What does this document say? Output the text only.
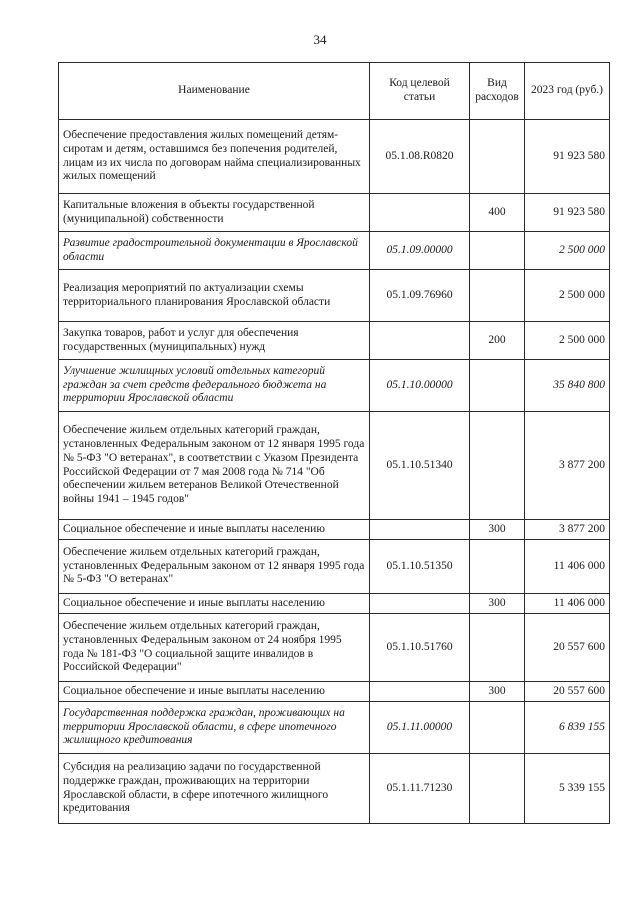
34
Наименование	Код целевой статьи	Вид расходов	2023 год (руб.)
Обеспечение предоставления жилых помещений детям-сиротам и детям, оставшимся без попечения родителей, лицам из их числа по договорам найма специализированных жилых помещений	05.1.08.R0820		91 923 580
Капитальные вложения в объекты государственной (муниципальной) собственности		400	91 923 580
Развитие градостроительной документации в Ярославской области	05.1.09.00000		2 500 000
Реализация мероприятий по актуализации схемы территориального планирования Ярославской области	05.1.09.76960		2 500 000
Закупка товаров, работ и услуг для обеспечения государственных (муниципальных) нужд		200	2 500 000
Улучшение жилищных условий отдельных категорий граждан за счет средств федерального бюджета на территории Ярославской области	05.1.10.00000		35 840 800
Обеспечение жильем отдельных категорий граждан, установленных Федеральным законом от 12 января 1995 года № 5-ФЗ "О ветеранах", в соответствии с Указом Президента Российской Федерации от 7 мая 2008 года № 714 "Об обеспечении жильем ветеранов Великой Отечественной войны 1941 – 1945 годов"	05.1.10.51340		3 877 200
Социальное обеспечение и иные выплаты населению		300	3 877 200
Обеспечение жильем отдельных категорий граждан, установленных Федеральным законом от 12 января 1995 года № 5-ФЗ "О ветеранах"	05.1.10.51350		11 406 000
Социальное обеспечение и иные выплаты населению		300	11 406 000
Обеспечение жильем отдельных категорий граждан, установленных Федеральным законом от 24 ноября 1995 года № 181-ФЗ "О социальной защите инвалидов в Российской Федерации"	05.1.10.51760		20 557 600
Социальное обеспечение и иные выплаты населению		300	20 557 600
Государственная поддержка граждан, проживающих на территории Ярославской области, в сфере ипотечного жилищного кредитования	05.1.11.00000		6 839 155
Субсидия на реализацию задачи по государственной поддержке граждан, проживающих на территории Ярославской области, в сфере ипотечного жилищного кредитования	05.1.11.71230		5 339 155
